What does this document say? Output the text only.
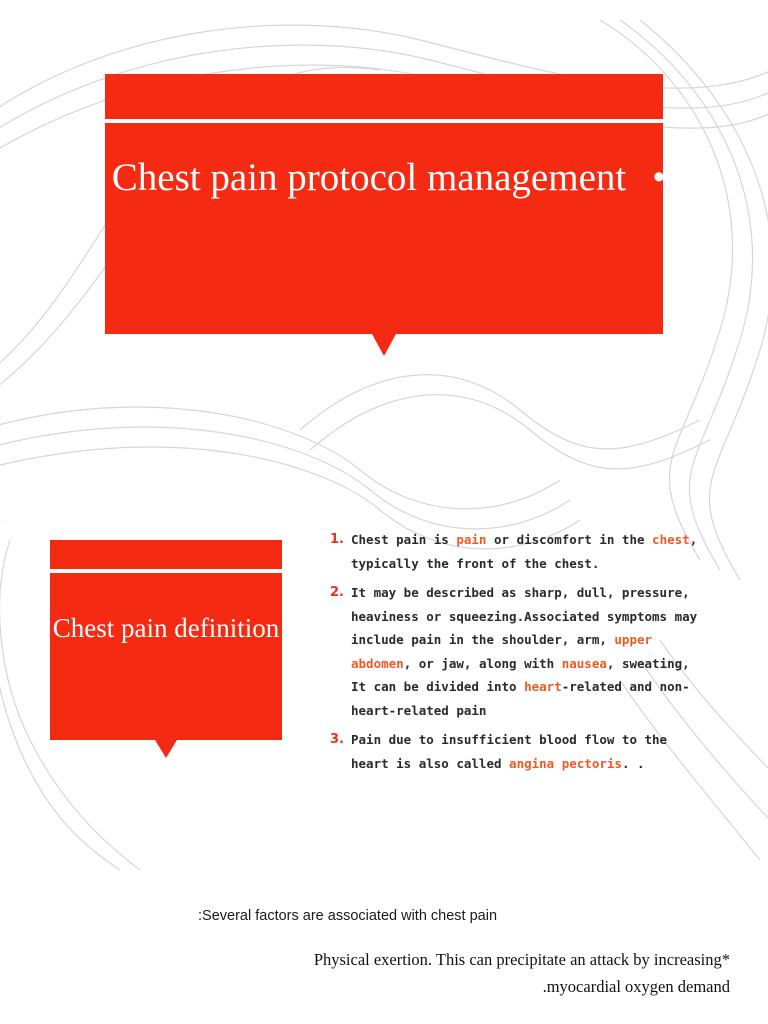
Chest pain protocol management •
Chest pain definition
1. Chest pain is pain or discomfort in the chest, typically the front of the chest.  
2. It may be described as sharp, dull, pressure, heaviness or squeezing.Associated symptoms may include pain in the shoulder, arm, upper abdomen, or jaw, along with nausea, sweating, It can be divided into heart-related and non-heart-related pain
3. Pain due to insufficient blood flow to the heart is also called angina pectoris. .
:Several factors are associated with chest pain
Physical exertion. This can precipitate an attack by increasing*
.myocardial oxygen demand
